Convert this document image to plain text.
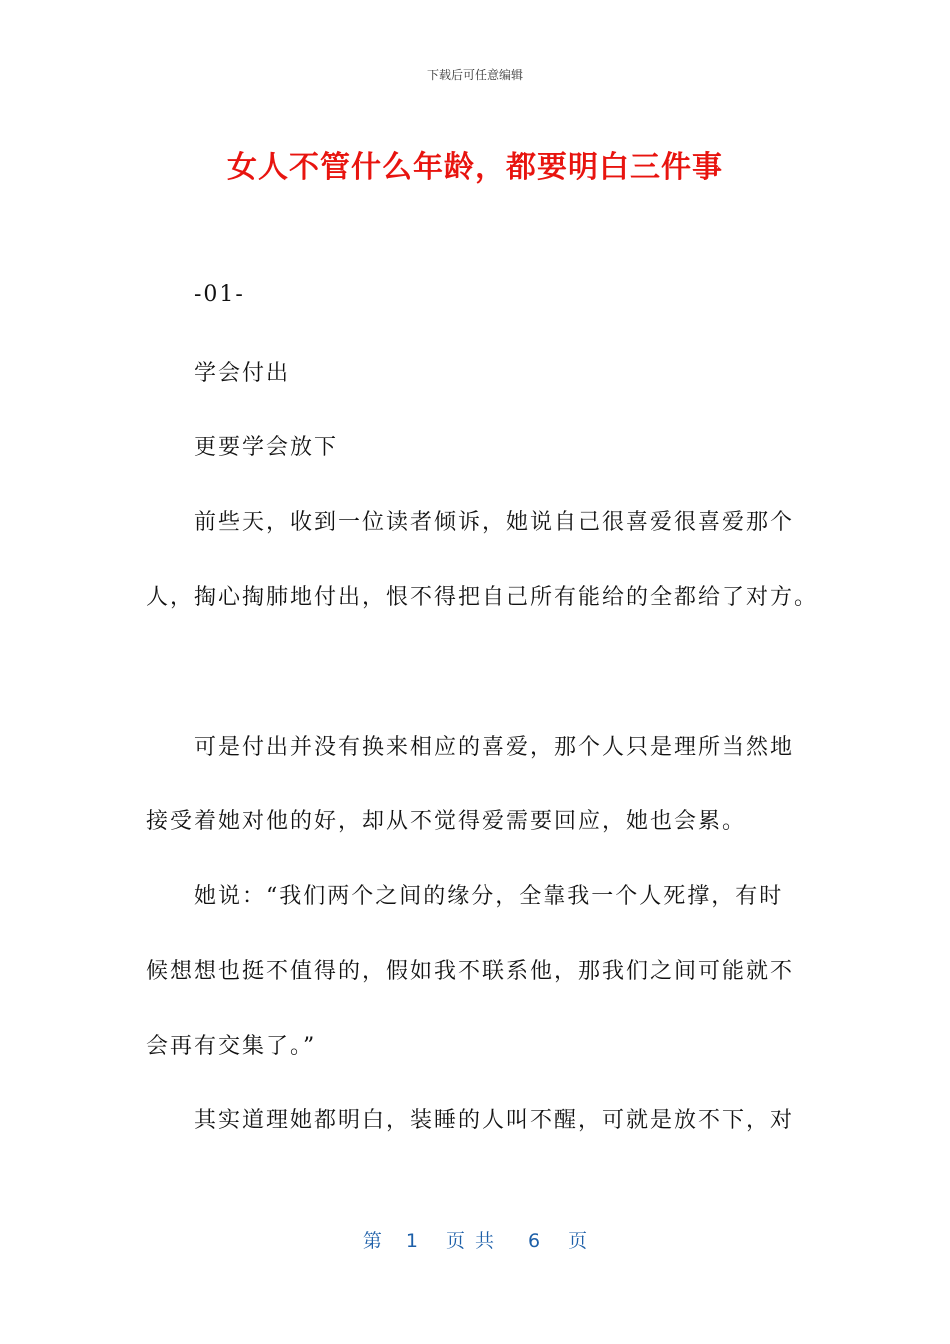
下载后可任意编辑
女人不管什么年龄，都要明白三件事
-01-
学会付出
更要学会放下
前些天，收到一位读者倾诉，她说自己很喜爱很喜爱那个
人，掏心掏肺地付出，恨不得把自己所有能给的全都给了对方。
可是付出并没有换来相应的喜爱，那个人只是理所当然地
接受着她对他的好，却从不觉得爱需要回应，她也会累。
她说：“我们两个之间的缘分，全靠我一个人死撑，有时
候想想也挺不值得的，假如我不联系他，那我们之间可能就不
会再有交集了。”
其实道理她都明白，装睡的人叫不醒，可就是放不下，对
第 1 页共 6 页
